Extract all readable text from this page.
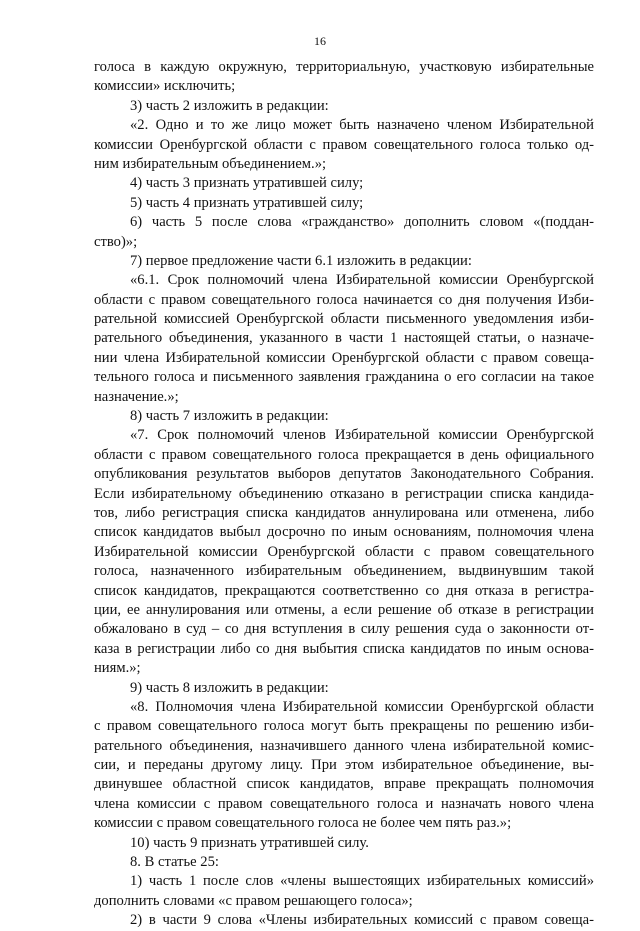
16
голоса в каждую окружную, территориальную, участковую избирательные
комиссии» исключить;
3) часть 2 изложить в редакции:
«2. Одно и то же лицо может быть назначено членом Избирательной
комиссии Оренбургской области с правом совещательного голоса только од-
ним избирательным объединением.»;
4) часть 3 признать утратившей силу;
5) часть 4 признать утратившей силу;
6) часть 5 после слова «гражданство» дополнить словом «(поддан-
ство)»;
7) первое предложение части 6.1 изложить в редакции:
«6.1. Срок полномочий члена Избирательной комиссии Оренбургской
области с правом совещательного голоса начинается со дня получения Изби-
рательной комиссией Оренбургской области письменного уведомления изби-
рательного объединения, указанного в части 1 настоящей статьи, о назначе-
нии члена Избирательной комиссии Оренбургской области с правом совеща-
тельного голоса и письменного заявления гражданина о его согласии на такое
назначение.»;
8) часть 7 изложить в редакции:
«7. Срок полномочий членов Избирательной комиссии Оренбургской
области с правом совещательного голоса прекращается в день официального
опубликования результатов выборов депутатов Законодательного Собрания.
Если избирательному объединению отказано в регистрации списка кандида-
тов, либо регистрация списка кандидатов аннулирована или отменена, либо
список кандидатов выбыл досрочно по иным основаниям, полномочия члена
Избирательной комиссии Оренбургской области с правом совещательного
голоса, назначенного избирательным объединением, выдвинувшим такой
список кандидатов, прекращаются соответственно со дня отказа в регистра-
ции, ее аннулирования или отмены, а если решение об отказе в регистрации
обжаловано в суд – со дня вступления в силу решения суда о законности от-
каза в регистрации либо со дня выбытия списка кандидатов по иным основа-
ниям.»;
9) часть 8 изложить в редакции:
«8. Полномочия члена Избирательной комиссии Оренбургской области
с правом совещательного голоса могут быть прекращены по решению изби-
рательного объединения, назначившего данного члена избирательной комис-
сии, и переданы другому лицу. При этом избирательное объединение, вы-
двинувшее областной список кандидатов, вправе прекращать полномочия
члена комиссии с правом совещательного голоса и назначать нового члена
комиссии с правом совещательного голоса не более чем пять раз.»;
10) часть 9 признать утратившей силу.
8. В статье 25:
1) часть 1 после слов «члены вышестоящих избирательных комиссий»
дополнить словами «с правом решающего голоса»;
2) в части 9 слова «Члены избирательных комиссий с правом совеща-
